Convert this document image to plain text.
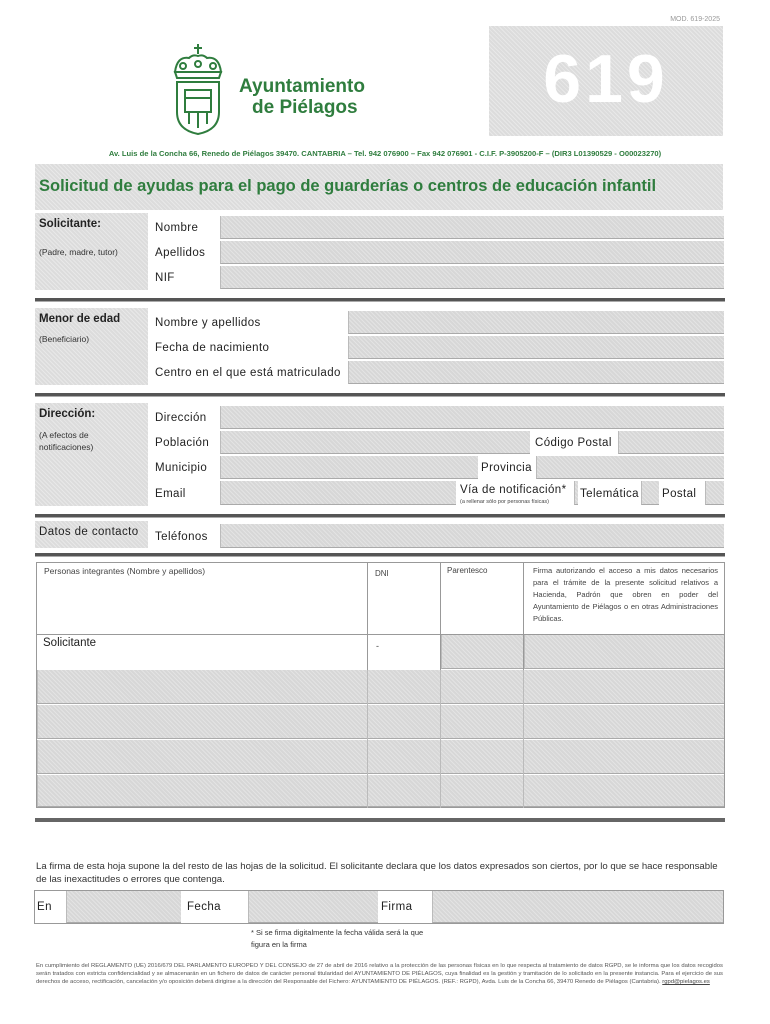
MOD. 619-2025
619
Ayuntamiento
de Piélagos
Av. Luis de la Concha 66, Renedo de Piélagos 39470. CANTABRIA – Tel. 942 076900 – Fax 942 076901 - C.I.F. P-3905200-F – (DIR3 L01390529 - O00023270)
Solicitud de ayudas para el pago de guarderías o centros de educación infantil
Solicitante:
(Padre, madre, tutor)
Nombre
Apellidos
NIF
Menor de edad
(Beneficiario)
Nombre y apellidos
Fecha de nacimiento
Centro en el que está matriculado
Dirección:
(A efectos de notificaciones)
Dirección
Población	Código Postal
Municipio	Provincia
Email	Vía de notificación*
(a rellenar sólo por personas físicas)
Telemática Postal
Datos de contacto Teléfonos
Personas integrantes (Nombre y apellidos)	DNI	Parentesco	Firma autorizando el acceso a mis datos necesarios para el trámite de la presente solicitud relativos a Hacienda, Padrón que obren en poder del Ayuntamiento de Piélagos o en otras Administraciones Públicas.
Solicitante	-
La firma de esta hoja supone la del resto de las hojas de la solicitud. El solicitante declara que los datos expresados son ciertos, por lo que se hace responsable de las inexactitudes o errores que contenga.
En	Fecha	Firma
* Si se firma digitalmente la fecha válida será la que figura en la firma
En cumplimiento del REGLAMENTO (UE) 2016/679 DEL PARLAMENTO EUROPEO Y DEL CONSEJO de 27 de abril de 2016 relativo a la protección de las personas físicas en lo que respecta al tratamiento de datos RGPD, se le informa que los datos recogidos serán tratados con estricta confidencialidad y se almacenarán en un fichero de datos de carácter personal titularidad del AYUNTAMIENTO DE PIÉLAGOS, cuya finalidad es la gestión y tramitación de lo solicitado en la presente instancia. Para el ejercicio de sus derechos de acceso, rectificación, cancelación y/o oposición deberá dirigirse a la dirección del Responsable del Fichero: AYUNTAMIENTO DE PIÉLAGOS. (REF.: RGPD), Avda. Luis de la Concha 66, 39470 Renedo de Piélagos (Cantabria). rgpd@pielagos.es
